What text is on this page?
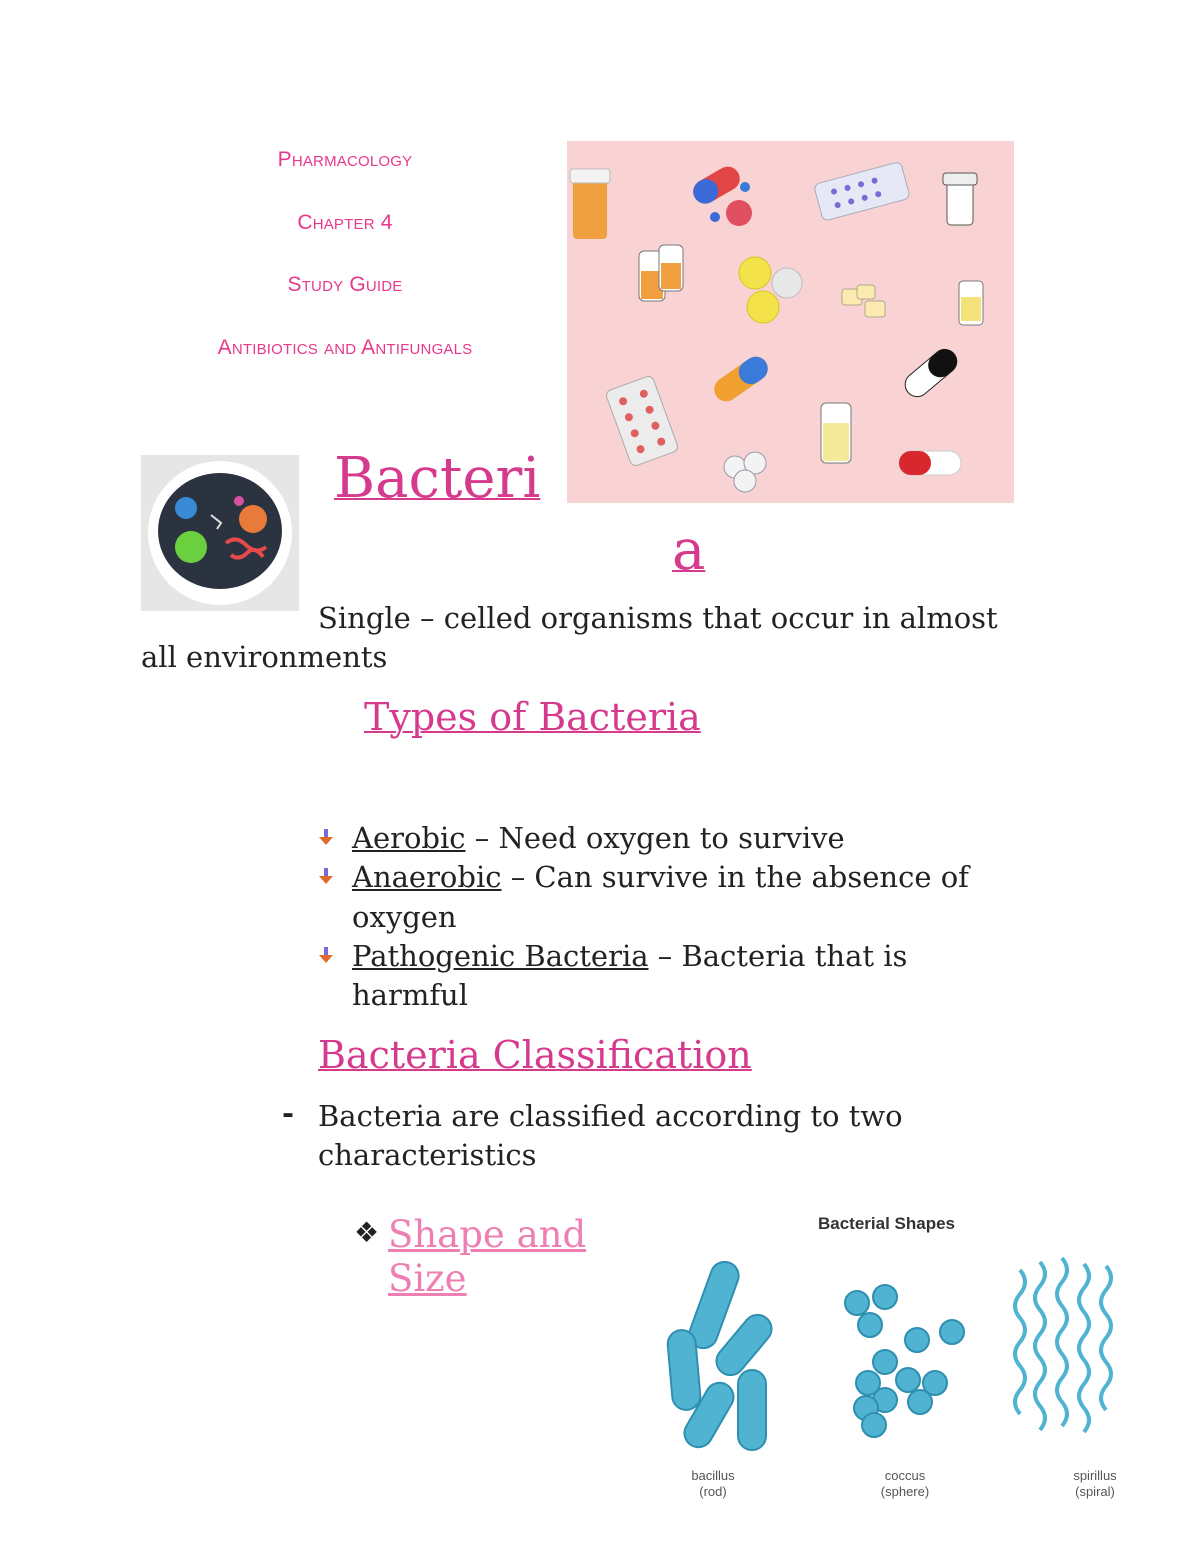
Pharmacology
Chapter 4
Study Guide
Antibiotics and Antifungals
Bacteri
a
Single – celled organisms that occur in almost
all environments
Types of Bacteria
Aerobic – Need oxygen to survive
Anaerobic – Can survive in the absence of
oxygen
Pathogenic Bacteria – Bacteria that is
harmful
Bacteria Classification
- Bacteria are classified according to two
characteristics
❖ Shape and
Size
Bacterial Shapes
bacillus
(rod)
coccus
(sphere)
spirillus
(spiral)
